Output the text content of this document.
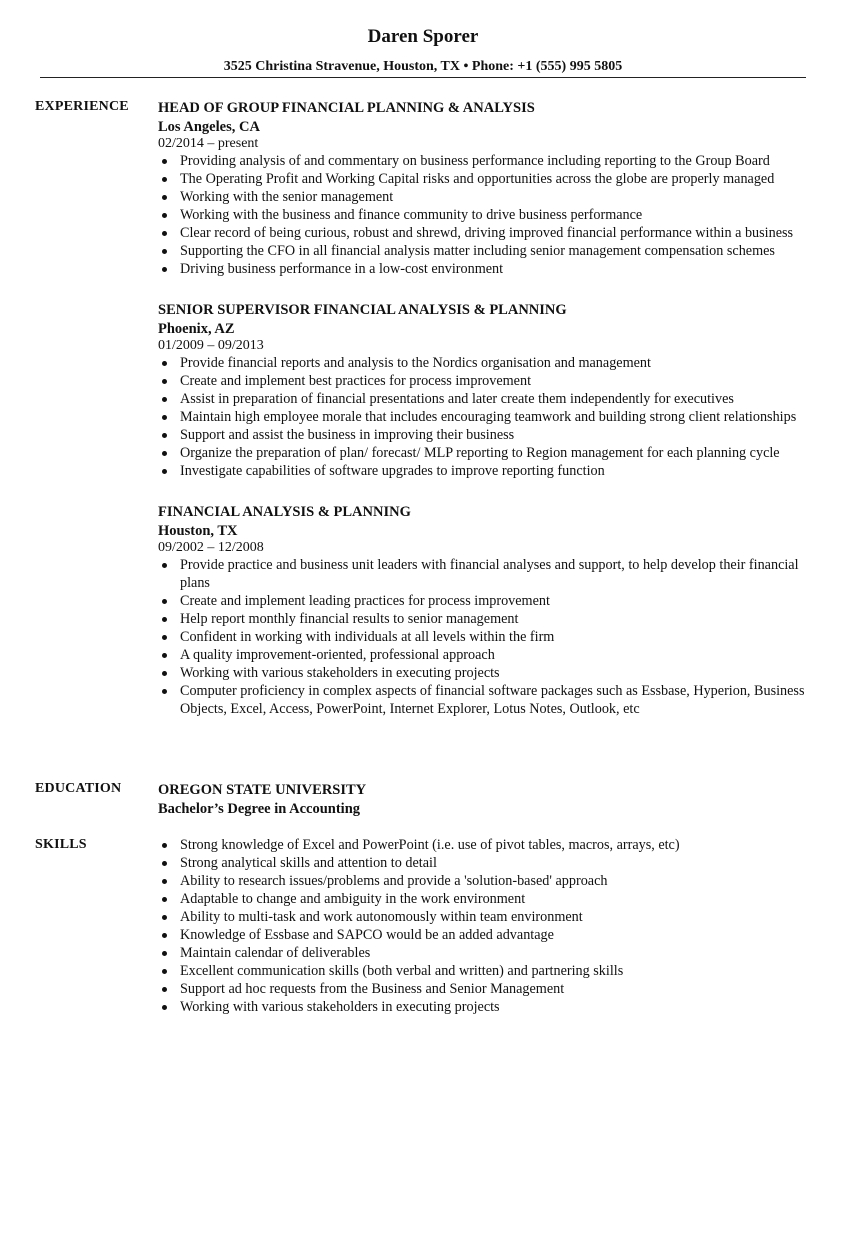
Daren Sporer
3525 Christina Stravenue, Houston, TX • Phone: +1 (555) 995 5805
EXPERIENCE HEAD OF GROUP FINANCIAL PLANNING & ANALYSIS
Los Angeles, CA
02/2014 – present
Providing analysis of and commentary on business performance including reporting to the Group Board
The Operating Profit and Working Capital risks and opportunities across the globe are properly managed
Working with the senior management
Working with the business and finance community to drive business performance
Clear record of being curious, robust and shrewd, driving improved financial performance within a business
Supporting the CFO in all financial analysis matter including senior management compensation schemes
Driving business performance in a low-cost environment
SENIOR SUPERVISOR FINANCIAL ANALYSIS & PLANNING
Phoenix, AZ
01/2009 – 09/2013
Provide financial reports and analysis to the Nordics organisation and management
Create and implement best practices for process improvement
Assist in preparation of financial presentations and later create them independently for executives
Maintain high employee morale that includes encouraging teamwork and building strong client relationships
Support and assist the business in improving their business
Organize the preparation of plan/ forecast/ MLP reporting to Region management for each planning cycle
Investigate capabilities of software upgrades to improve reporting function
FINANCIAL ANALYSIS & PLANNING
Houston, TX
09/2002 – 12/2008
Provide practice and business unit leaders with financial analyses and support, to help develop their financial plans
Create and implement leading practices for process improvement
Help report monthly financial results to senior management
Confident in working with individuals at all levels within the firm
A quality improvement-oriented, professional approach
Working with various stakeholders in executing projects
Computer proficiency in complex aspects of financial software packages such as Essbase, Hyperion, Business Objects, Excel, Access, PowerPoint, Internet Explorer, Lotus Notes, Outlook, etc
EDUCATION	OREGON STATE UNIVERSITY
Bachelor’s Degree in Accounting
SKILLS	Strong knowledge of Excel and PowerPoint (i.e. use of pivot tables, macros, arrays, etc)
Strong analytical skills and attention to detail
Ability to research issues/problems and provide a 'solution-based' approach
Adaptable to change and ambiguity in the work environment
Ability to multi-task and work autonomously within team environment
Knowledge of Essbase and SAPCO would be an added advantage
Maintain calendar of deliverables
Excellent communication skills (both verbal and written) and partnering skills
Support ad hoc requests from the Business and Senior Management
Working with various stakeholders in executing projects
